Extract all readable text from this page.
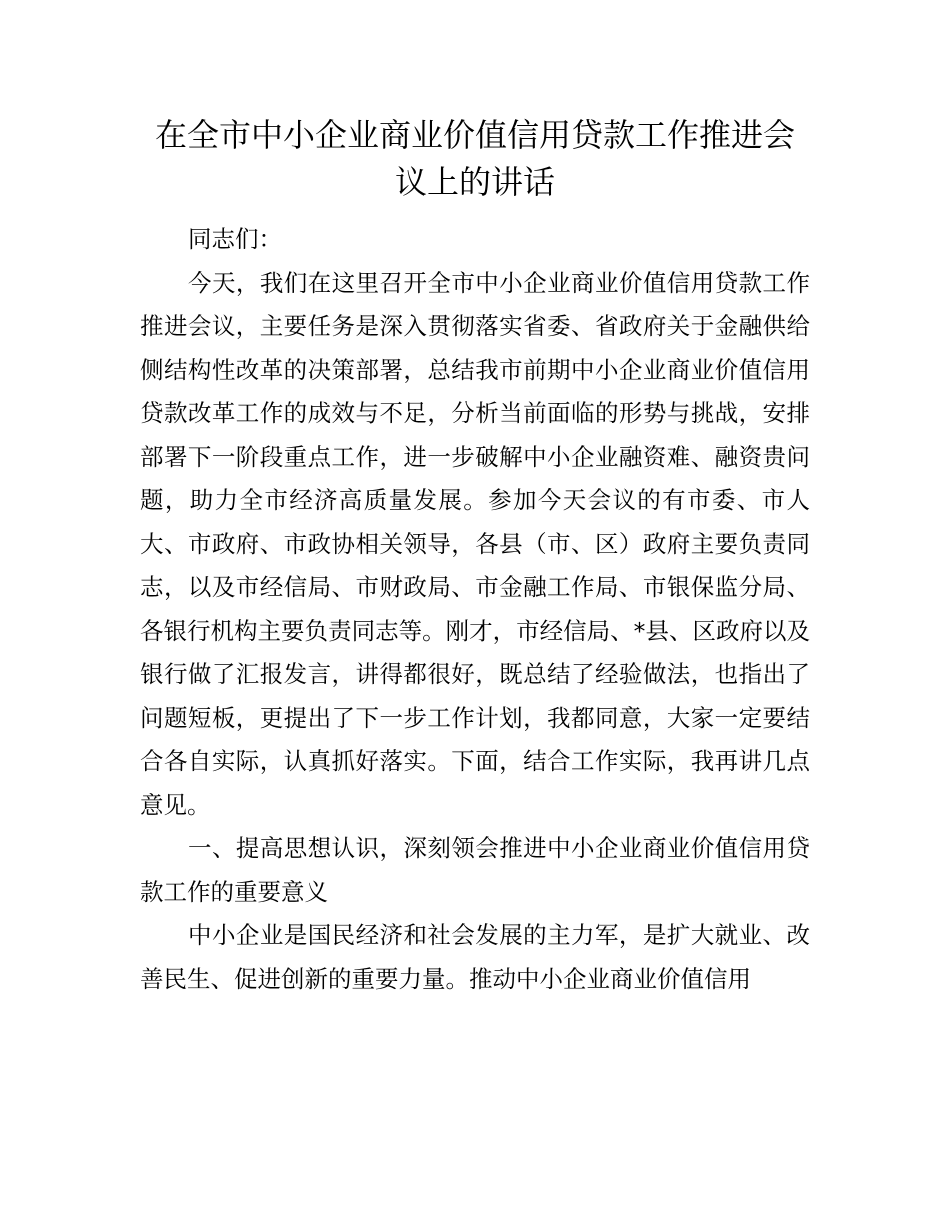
在全市中小企业商业价值信用贷款工作推进会议上的讲话

同志们：

今天，我们在这里召开全市中小企业商业价值信用贷款工作推进会议，主要任务是深入贯彻落实省委、省政府关于金融供给侧结构性改革的决策部署，总结我市前期中小企业商业价值信用贷款改革工作的成效与不足，分析当前面临的形势与挑战，安排部署下一阶段重点工作，进一步破解中小企业融资难、融资贵问题，助力全市经济高质量发展。参加今天会议的有市委、市人大、市政府、市政协相关领导，各县（市、区）政府主要负责同志，以及市经信局、市财政局、市金融工作局、市银保监分局、各银行机构主要负责同志等。刚才，市经信局、*县、区政府以及银行做了汇报发言，讲得都很好，既总结了经验做法，也指出了问题短板，更提出了下一步工作计划，我都同意，大家一定要结合各自实际，认真抓好落实。下面，结合工作实际，我再讲几点意见。

一、提高思想认识，深刻领会推进中小企业商业价值信用贷款工作的重要意义

中小企业是国民经济和社会发展的主力军，是扩大就业、改善民生、促进创新的重要力量。推动中小企业商业价值信用
